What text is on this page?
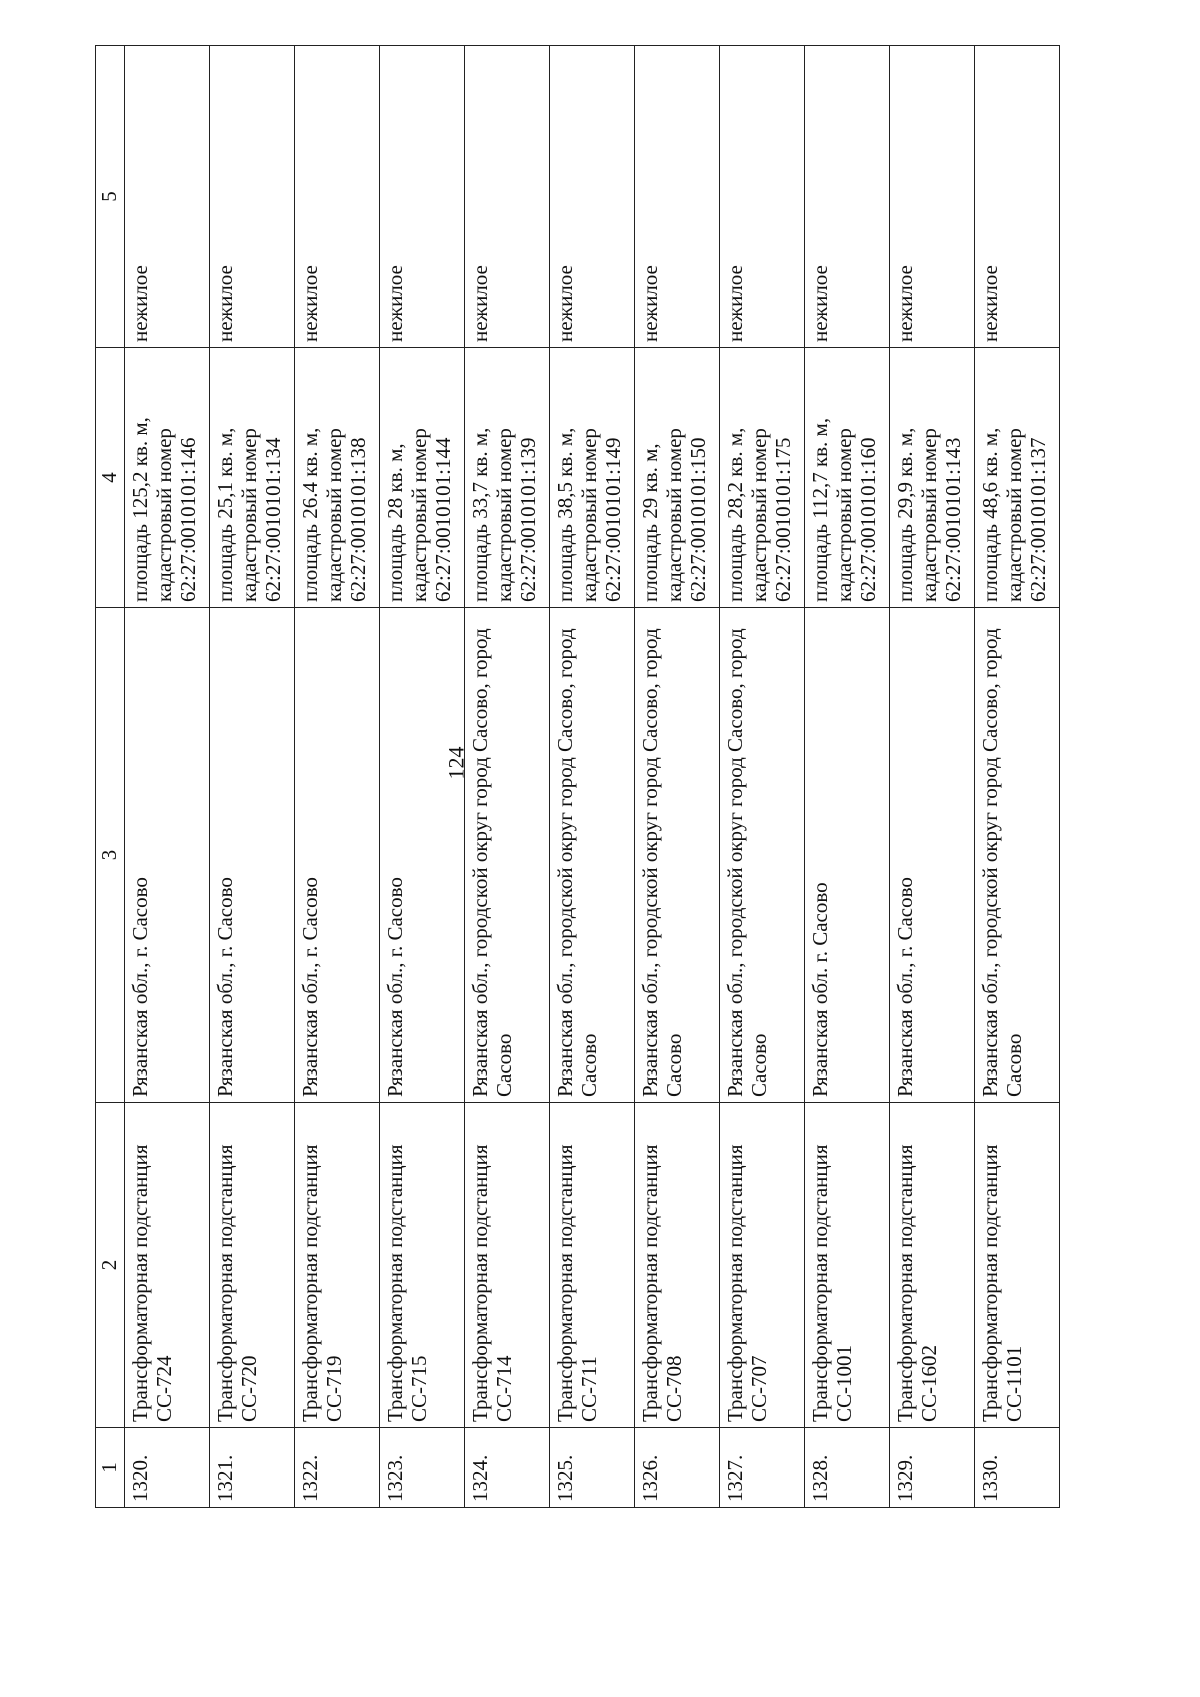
124
1	2	3	4	5
1320.	Трансформаторная подстанция СС-724	Рязанская обл., г. Сасово	площадь 125,2 кв. м, кадастровый номер 62:27:0010101:146	нежилое
1321.	Трансформаторная подстанция СС-720	Рязанская обл., г. Сасово	площадь 25,1 кв. м, кадастровый номер 62:27:0010101:134	нежилое
1322.	Трансформаторная подстанция СС-719	Рязанская обл., г. Сасово	площадь 26.4 кв. м, кадастровый номер 62:27:0010101:138	нежилое
1323.	Трансформаторная подстанция СС-715	Рязанская обл., г. Сасово	площадь 28 кв. м, кадастровый номер 62:27:0010101:144	нежилое
1324.	Трансформаторная подстанция СС-714	Рязанская обл., городской округ город Сасово, город Сасово	площадь 33,7 кв. м, кадастровый номер 62:27:0010101:139	нежилое
1325.	Трансформаторная подстанция СС-711	Рязанская обл., городской округ город Сасово, город Сасово	площадь 38,5 кв. м, кадастровый номер 62:27:0010101:149	нежилое
1326.	Трансформаторная подстанция СС-708	Рязанская обл., городской округ город Сасово, город Сасово	площадь 29 кв. м, кадастровый номер 62:27:0010101:150	нежилое
1327.	Трансформаторная подстанция СС-707	Рязанская обл., городской округ город Сасово, город Сасово	площадь 28,2 кв. м, кадастровый номер 62:27:0010101:175	нежилое
1328.	Трансформаторная подстанция СС-1001	Рязанская обл. г. Сасово	площадь 112,7 кв. м, кадастровый номер 62:27:0010101:160	нежилое
1329.	Трансформаторная подстанция СС-1602	Рязанская обл., г. Сасово	площадь 29,9 кв. м, кадастровый номер 62:27:0010101:143	нежилое
1330.	Трансформаторная подстанция СС-1101	Рязанская обл., городской округ город Сасово, город Сасово	площадь 48,6 кв. м, кадастровый номер 62:27:0010101:137	нежилое
